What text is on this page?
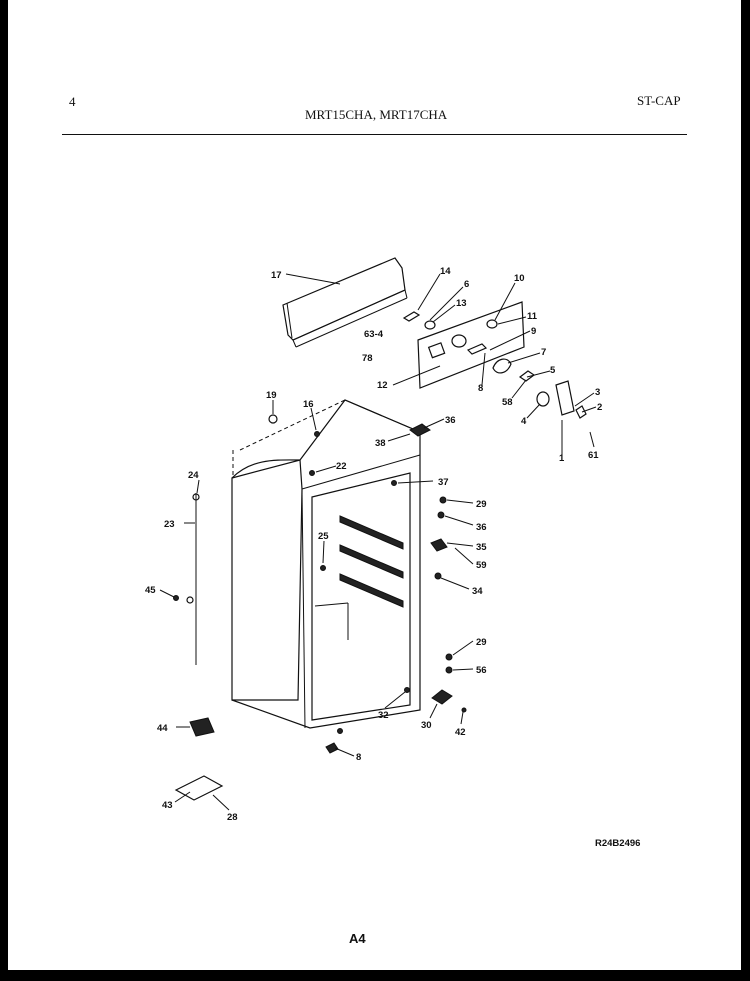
4
MRT15CHA, MRT17CHA
ST-CAP
17	14
6
13
10
11
63-4	9
78
12
7
8
5
58
3
4
2
1 61
19
16
36
38
24
22
37
29
23	36
25
35
59
45	34
29
56
44
32
30
42
8
43
28
R24B2496
A4
